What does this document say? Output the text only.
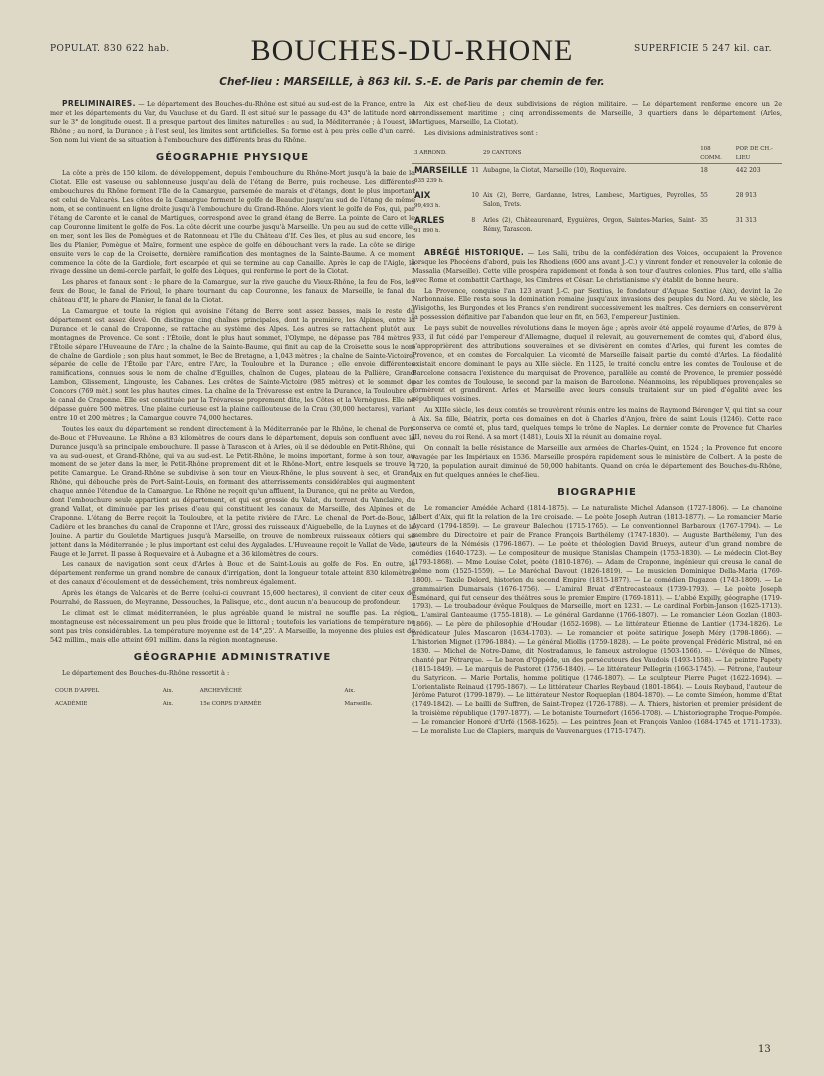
POPULAT. 830 622 hab.	BOUCHES-DU-RHONE	SUPERFICIE 5 247 kil. car.
Chef-lieu : MARSEILLE, à 863 kil. S.-E. de Paris par chemin de fer.

PRÉLIMINAIRES. — Le département des Bouches-du-Rhône est situé au sud-est de la France, entre la mer et les départements du Var, du Vaucluse et du Gard. Il est situé sur le passage du 43° de latitude nord et sur le 3° de longitude ouest. Il a presque partout des limites naturelles : au sud, la Méditerranée ; à l'ouest, le Rhône ; au nord, la Durance ; à l'est seul, les limites sont artificielles. Sa forme est à peu près celle d'un carré. Son nom lui vient de sa situation à l'embouchure des différents bras du Rhône.

GÉOGRAPHIE PHYSIQUE

La côte a près de 150 kilom. de développement, depuis l'embouchure du Rhône-Mort jusqu'à la baie de la Ciotat. Elle est vaseuse ou sablonneuse jusqu'au delà de l'étang de Berre, puis rocheuse. Les différentes embouchures du Rhône forment l'île de la Camargue, parsemée de marais et d'étangs, dont le plus important est celui de Valcarès. Les côtes de la Camargue forment le golfe de Beauduc jusqu'au sud de l'étang de même nom, et se continuent en ligne droite jusqu'à l'embouchure du Grand-Rhône. Alors vient le golfe de Fos, qui, par l'étang de Caronte et le canal de Martigues, correspond avec le grand étang de Berre. La pointe de Caro et le cap Couronne limitent le golfe de Fos. La côte décrit une courbe jusqu'à Marseille. Un peu au sud de cette ville, en mer, sont les îles de Pomègues et de Ratonneau et l'île du Château d'If. Ces îles, et plus au sud encore, les îles du Planier, Pomègue et Maïre, forment une espèce de golfe en débouchant vers la rade. La côte se dirige ensuite vers le cap de la Croisette, dernière ramification des montagnes de la Sainte-Baume. A ce moment commence la côte de la Gardiole, fort escarpée et qui se termine au cap Canaille. Après le cap de l'Aigle, la rivage dessine un demi-cercle parfait, le golfe des Lèques, qui renferme le port de la Ciotat.

Les phares et fanaux sont : le phare de la Camargue, sur la rive gauche du Vieux-Rhône, la feu de Fos, les feux de Bouc, le fanal de Frioul, le phare tournant du cap Couronne, les fanaux de Marseille, le fanal du château d'If, le phare de Planier, le fanal de la Ciotat.

La Camargue et toute la région qui avoisine l'étang de Berre sont assez basses, mais le reste du département est assez élevé. On distingue cinq chaînes principales, dont la première, les Alpines, entre la Durance et le canal de Craponne, se rattache au système des Alpes. Les autres se rattachent plutôt aux montagnes de Provence. Ce sont : l'Étoile, dont le plus haut sommet, l'Olympe, ne dépasse pas 784 mètres ; l'Étoile sépare l'Huveaune de l'Arc ; la chaîne de la Sainte-Baume, qui finit au cap de la Croisette sous le nom de chaîne de Gardiole ; son plus haut sommet, le Bec de Bretagne, a 1,043 mètres ; la chaîne de Sainte-Victoire, séparée de celle de l'Étoile par l'Arc, entre l'Arc, la Touloubre et la Durance ; elle envoie différentes ramifications, connues sous le nom de chaîne d'Eguilles, chaînon de Cuges, plateau de la Pallière, Grand Lambon, Glissement, Lingouste, les Cabanes. Les crêtes de Sainte-Victoire (985 mètres) et le sommet de Concors (769 mèt.) sont les plus hautes cimes. La chaîne de la Trévaresse est entre la Durance, la Touloubre et le canal de Craponne. Elle est constituée par la Trévaresse proprement dite, les Côtes et la Vernègues. Elle ne dépasse guère 500 mètres. Une plaine curieuse est la plaine caillouteuse de la Crau (30,000 hectares), variant entre 10 et 200 mètres ; la Camargue couvre 74,000 hectares.

Toutes les eaux du département se rendent directement à la Méditerranée par le Rhône, le chenal de Port-de-Bouc et l'Huveaune. Le Rhône a 83 kilomètres de cours dans le département, depuis son confluent avec la Durance jusqu'à sa principale embouchure. Il passe à Tarascon et à Arles, où il se dédouble en Petit-Rhône, qui va au sud-ouest, et Grand-Rhône, qui va au sud-est. Le Petit-Rhône, le moins important, forme à son tour, au moment de se jeter dans la mer, le Petit-Rhône proprement dit et le Rhône-Mort, entre lesquels se trouve la petite Camargue. Le Grand-Rhône se subdivise à son tour en Vieux-Rhône, le plus souvent à sec, et Grand-Rhône, qui débouche près de Port-Saint-Louis, en formant des atterrissements considérables qui augmentent chaque année l'étendue de la Camargue. Le Rhône ne reçoit qu'un affluent, la Durance, qui ne prête au Verdon, dont l'embouchure seule appartient au département, et qui est grossie du Valat, du torrent du Vanclaire, du grand Vallat, et diminuée par les prises d'eau qui constituent les canaux de Marseille, des Alpines et de Craponne. L'étang de Berre reçoit la Touloubre, et la petite rivière de l'Arc. Le chenal de Port-de-Bouc, la Cadière et les branches du canal de Craponne et l'Arc, grossi des ruisseaux d'Aiguebelle, de la Luynes et de la Jouine. A partir du Gouletde Martigues jusqu'à Marseille, on trouve de nombreux ruisseaux côtiers qui se jettent dans la Méditerranée ; le plus important est celui des Aygalades. L'Huveaune reçoit le Vallat de Vède, le Fauge et le Jarret. Il passe à Roquevaire et à Aubagne et a 36 kilomètres de cours.

Les canaux de navigation sont ceux d'Arles à Bouc et de Saint-Louis au golfe de Fos. En outre, le département renferme un grand nombre de canaux d'irrigation, dont la longueur totale atteint 830 kilomètres et des canaux d'écoulement et de desséchement, très nombreux également.

Après les étangs de Valcarès et de Berre (celui-ci couvrant 15,600 hectares), il convient de citer ceux de Pourrahé, de Rassuen, de Meyranne, Dessouches, la Palisque, etc., dont aucun n'a beaucoup de profondeur.

Le climat est le climat méditerranéen, le plus agréable quand le mistral ne souffle pas. La région montagneuse est nécessairement un peu plus froide que le littoral ; toutefois les variations de température ne sont pas très considérables. La température moyenne est de 14°,25'. A Marseille, la moyenne des pluies est de 542 millim., mais elle atteint 691 millim. dans la région montagneuse.

GÉOGRAPHIE ADMINISTRATIVE

Le département des Bouches-du-Rhône ressortit à :

COUR D'APPEL	Aix.	ARCHEVÊCHÉ	Aix.
ACADÉMIE	Aix.	15e CORPS D'ARMÉE	Marseille.

Aix est chef-lieu de deux subdivisions de région militaire. — Le département renferme encore un 2e arrondissement maritime ; cinq arrondissements de Marseille, 3 quartiers dans le département (Arles, Martigues, Marseille, La Ciotat).

Les divisions administratives sont :

3 ARROND.		29 CANTONS	108 COMM.	POP. DE CH.-LIEU
MARSEILLE
635 239 h.	11	Aubagne, la Ciotat, Marseille (10), Roquevaire.	18	442 203
AIX
99,493 h.	10	Aix (2), Berre, Gardanne, Istres, Lambesc, Martigues, Peyrolles, Salon, Trets.	55	28 913
ARLES
91 890 h.	8	Arles (2), Châteaurenard, Eyguières, Orgon, Saintes-Maries, Saint-Rémy, Tarascon.	35	31 313

ABRÉGÉ HISTORIQUE. — Les Salii, tribu de la confédération des Voices, occupaient la Provence lorsque les Phocéens d'abord, puis les Rhodiens (600 ans avant J.-C.) y vinrent fonder et renouveler la colonie de Massalia (Marseille). Cette ville prospéra rapidement et fonda à son tour d'autres colonies. Plus tard, elle s'allia avec Rome et combattit Carthage, les Cimbres et César. Le christianisme s'y établit de bonne heure.

La Provence, conquise l'an 123 avant J.-C. par Sextius, le fondateur d'Aquae Sextiae (Aix), devint la 2e Narbonnaise. Elle resta sous la domination romaine jusqu'aux invasions des peuples du Nord. Au ve siècle, les Wisigoths, les Burgondes et les Francs s'en rendirent successivement les maîtres. Ces derniers en conservèrent la possession définitive par l'abandon que leur en fit, en 563, l'empereur Justinien.

Le pays subit de nouvelles révolutions dans le moyen âge ; après avoir été appelé royaume d'Arles, de 879 à 933, il fut cédé par l'empereur d'Allemagne, duquel il relevait, au gouvernement de comtes qui, d'abord élus, s'approprièrent des attributions souveraines et se divisèrent en comtes d'Arles, qui furent les comtes de Provence, et en comtes de Forcalquier. La vicomté de Marseille faisait partie du comté d'Arles. La féodalité existait encore dominant le pays au XIIe siècle. En 1125, le traité conclu entre les comtes de Toulouse et de Barcelone consacra l'existence du marquisat de Provence, parallèle au comté de Provence, le premier possédé par les comtes de Toulouse, le second par la maison de Barcelone. Néanmoins, les républiques provençales se formèrent et grandirent. Arles et Marseille avec leurs consuls traitaient sur un pied d'égalité avec les républiques voisines.

Au XIIIe siècle, les deux comtés se trouvèrent réunis entre les mains de Raymond Bérenger V, qui tint sa cour à Aix. Sa fille, Béatrix, porta ces domaines en dot à Charles d'Anjou, frère de saint Louis (1246). Cette race conserva ce comté et, plus tard, quelques temps le trône de Naples. Le dernier comte de Provence fut Charles III, neveu du roi René. A sa mort (1481), Louis XI la réunit au domaine royal.

On connaît la belle résistance de Marseille aux armées de Charles-Quint, en 1524 ; la Provence fut encore ravagée par les Impériaux en 1536. Marseille prospéra rapidement sous le ministère de Colbert. A la peste de 1720, la population aurait diminué de 50,000 habitants. Quand on créa le département des Bouches-du-Rhône, Aix en fut quelques années le chef-lieu.

BIOGRAPHIE

Le romancier Amédée Achard (1814-1875). — Le naturaliste Michel Adanson (1727-1806). — Le chanoine Albert d'Aix, qui fit la relation de la 1re croisade. — Le poète Joseph Autran (1813-1877). — Le romancier Marie Aycard (1794-1859). — Le graveur Balechou (1715-1765). — Le conventionnel Barbaroux (1767-1794). — Le membre du Directoire et pair de France François Barthélemy (1747-1830). — Auguste Barthélemy, l'un des auteurs de la Némésis (1796-1867). — Le poète et théologien David Brueys, auteur d'un grand nombre de comédies (1640-1723). — Le compositeur de musique Stanislas Champein (1753-1830). — Le médecin Clot-Bey (1793-1868). — Mme Louise Colet, poète (1810-1876). — Adam de Craponne, ingénieur qui creusa le canal de même nom (1525-1559). — Le Maréchal Davout (1826-1819). — Le musicien Dominique Della-Maria (1769-1800). — Taxile Delord, historien du second Empire (1815-1877). — Le comédien Dugazon (1743-1809). — Le grammairien Dumarsais (1676-1756). — L'amiral Bruat d'Entrecasteaux (1739-1793). — Le poète Joseph Esménard, qui fut censeur des théâtres sous le premier Empire (1769-1811). — L'abbé Expilly, géographe (1719-1793). — Le troubadour évêque Foulques de Marseille, mort en 1231. — Le cardinal Forbin-Janson (1625-1713). — L'amiral Ganteaume (1755-1818). — Le général Gardanne (1766-1807). — Le romancier Léon Gozlan (1803-1866). — Le père de philosophie d'Houdar (1652-1698). — Le littérateur Étienne de Lantier (1734-1826). Le prédicateur Jules Mascaron (1634-1703). — Le romancier et poète satirique Joseph Méry (1798-1866). — L'historien Mignet (1796-1884). — Le général Miollis (1759-1828). — Le poète provençal Frédéric Mistral, né en 1830. — Michel de Notre-Dame, dit Nostradamus, le fameux astrologue (1503-1566). — L'évêque de Nîmes, chanté par Pétrarque. — Le baron d'Oppède, un des persécuteurs des Vaudois (1493-1558). — Le peintre Papety (1815-1849). — Le marquis de Pastoret (1756-1840). — Le littérateur Pellegrin (1663-1745). — Pétrone, l'auteur du Satyricon. — Marie Portalis, homme politique (1746-1807). — Le sculpteur Pierre Puget (1622-1694). — L'orientaliste Reinaud (1795-1867). — Le littérateur Charles Reybaud (1801-1864). — Louis Reybaud, l'auteur de Jérôme Paturot (1799-1879). — Le littérateur Nestor Roqueplan (1804-1870). — Le comte Siméon, homme d'État (1749-1842). — Le bailli de Suffren, de Saint-Tropez (1726-1788). — A. Thiers, historien et premier président de la troisième république (1797-1877). — Le botaniste Tournefort (1656-1708). — L'historiographe Troque-Pompée. — Le romancier Honoré d'Urfé (1568-1625). — Les peintres Jean et François Vanloo (1684-1745 et 1711-1733). — Le moraliste Luc de Clapiers, marquis de Vauvenargues (1715-1747).

13
